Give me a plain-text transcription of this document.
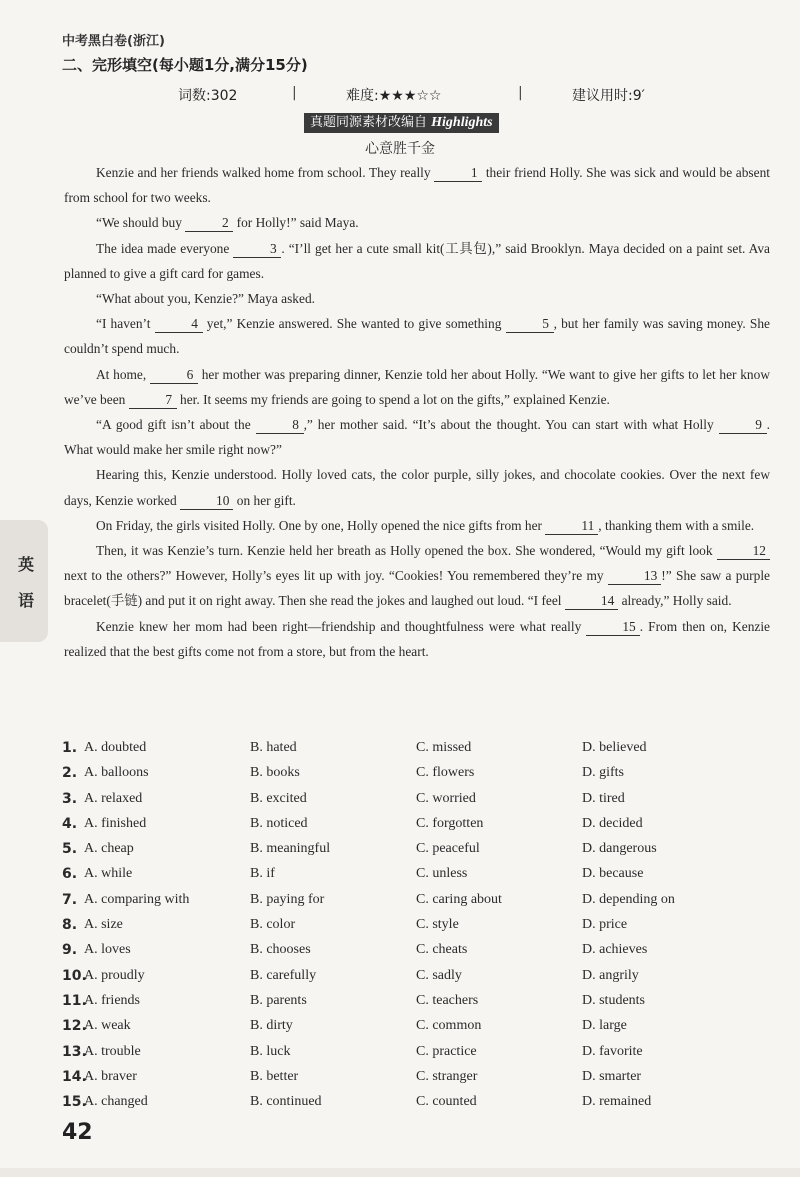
中考黑白卷(浙江)
二、完形填空(每小题1分,满分15分)
词数:302	|	难度:★★★☆☆	|	建议用时:9′
真题同源素材改编自 Highlights
心意胜千金

Kenzie and her friends walked home from school. They really	1 their friend Holly. She was sick and would be absent from school for two weeks.

“We should buy	2 for Holly!” said Maya.

The idea made everyone	3 . “I’ll get her a cute small kit(工具包),” said Brooklyn. Maya decided on a paint set. Ava planned to give a gift card for games.

“What about you, Kenzie?” Maya asked.

“I haven’t	4 yet,” Kenzie answered. She wanted to give something	5 , but her family was saving money. She couldn’t spend much.

At home,	6 her mother was preparing dinner, Kenzie told her about Holly. “We want to give her gifts to let her know we’ve been	7 her. It seems my friends are going to spend a lot on the gifts,” explained Kenzie.

“A good gift isn’t about the	8 ,” her mother said. “It’s about the thought. You can start with what Holly	9 . What would make her smile right now?”

Hearing this, Kenzie understood. Holly loved cats, the color purple, silly jokes, and chocolate cookies. Over the next few days, Kenzie worked	10 on her gift.

On Friday, the girls visited Holly. One by one, Holly opened the nice gifts from her	11 , thanking them with a smile.

Then, it was Kenzie’s turn. Kenzie held her breath as Holly opened the box. She wondered, “Would my gift look	12 next to the others?” However, Holly’s eyes lit up with joy. “Cookies! You remembered they’re my	13 !” She saw a purple bracelet(手链) and put it on right away. Then she read the jokes and laughed out loud. “I feel	14 already,” Holly said.

Kenzie knew her mom had been right—friendship and thoughtfulness were what really	15 . From then on, Kenzie realized that the best gifts come not from a store, but from the heart.

1. A. doubted	B. hated	C. missed	D. believed
2. A. balloons	B. books	C. flowers	D. gifts
3. A. relaxed	B. excited	C. worried	D. tired
4. A. finished	B. noticed	C. forgotten	D. decided
5. A. cheap	B. meaningful	C. peaceful	D. dangerous
6. A. while	B. if	C. unless	D. because
7. A. comparing with	B. paying for	C. caring about	D. depending on
8. A. size	B. color	C. style	D. price
9. A. loves	B. chooses	C. cheats	D. achieves
10.
A. proudly	B. carefully	C. sadly	D. angrily
11.
A. friends	B. parents	C. teachers	D. students
12.
A. weak	B. dirty	C. common	D. large
13.
A. trouble	B. luck	C. practice	D. favorite
14.
A. braver	B. better	C. stranger	D. smarter
15.
A. changed	B. continued	C. counted	D. remained
英
语
42
